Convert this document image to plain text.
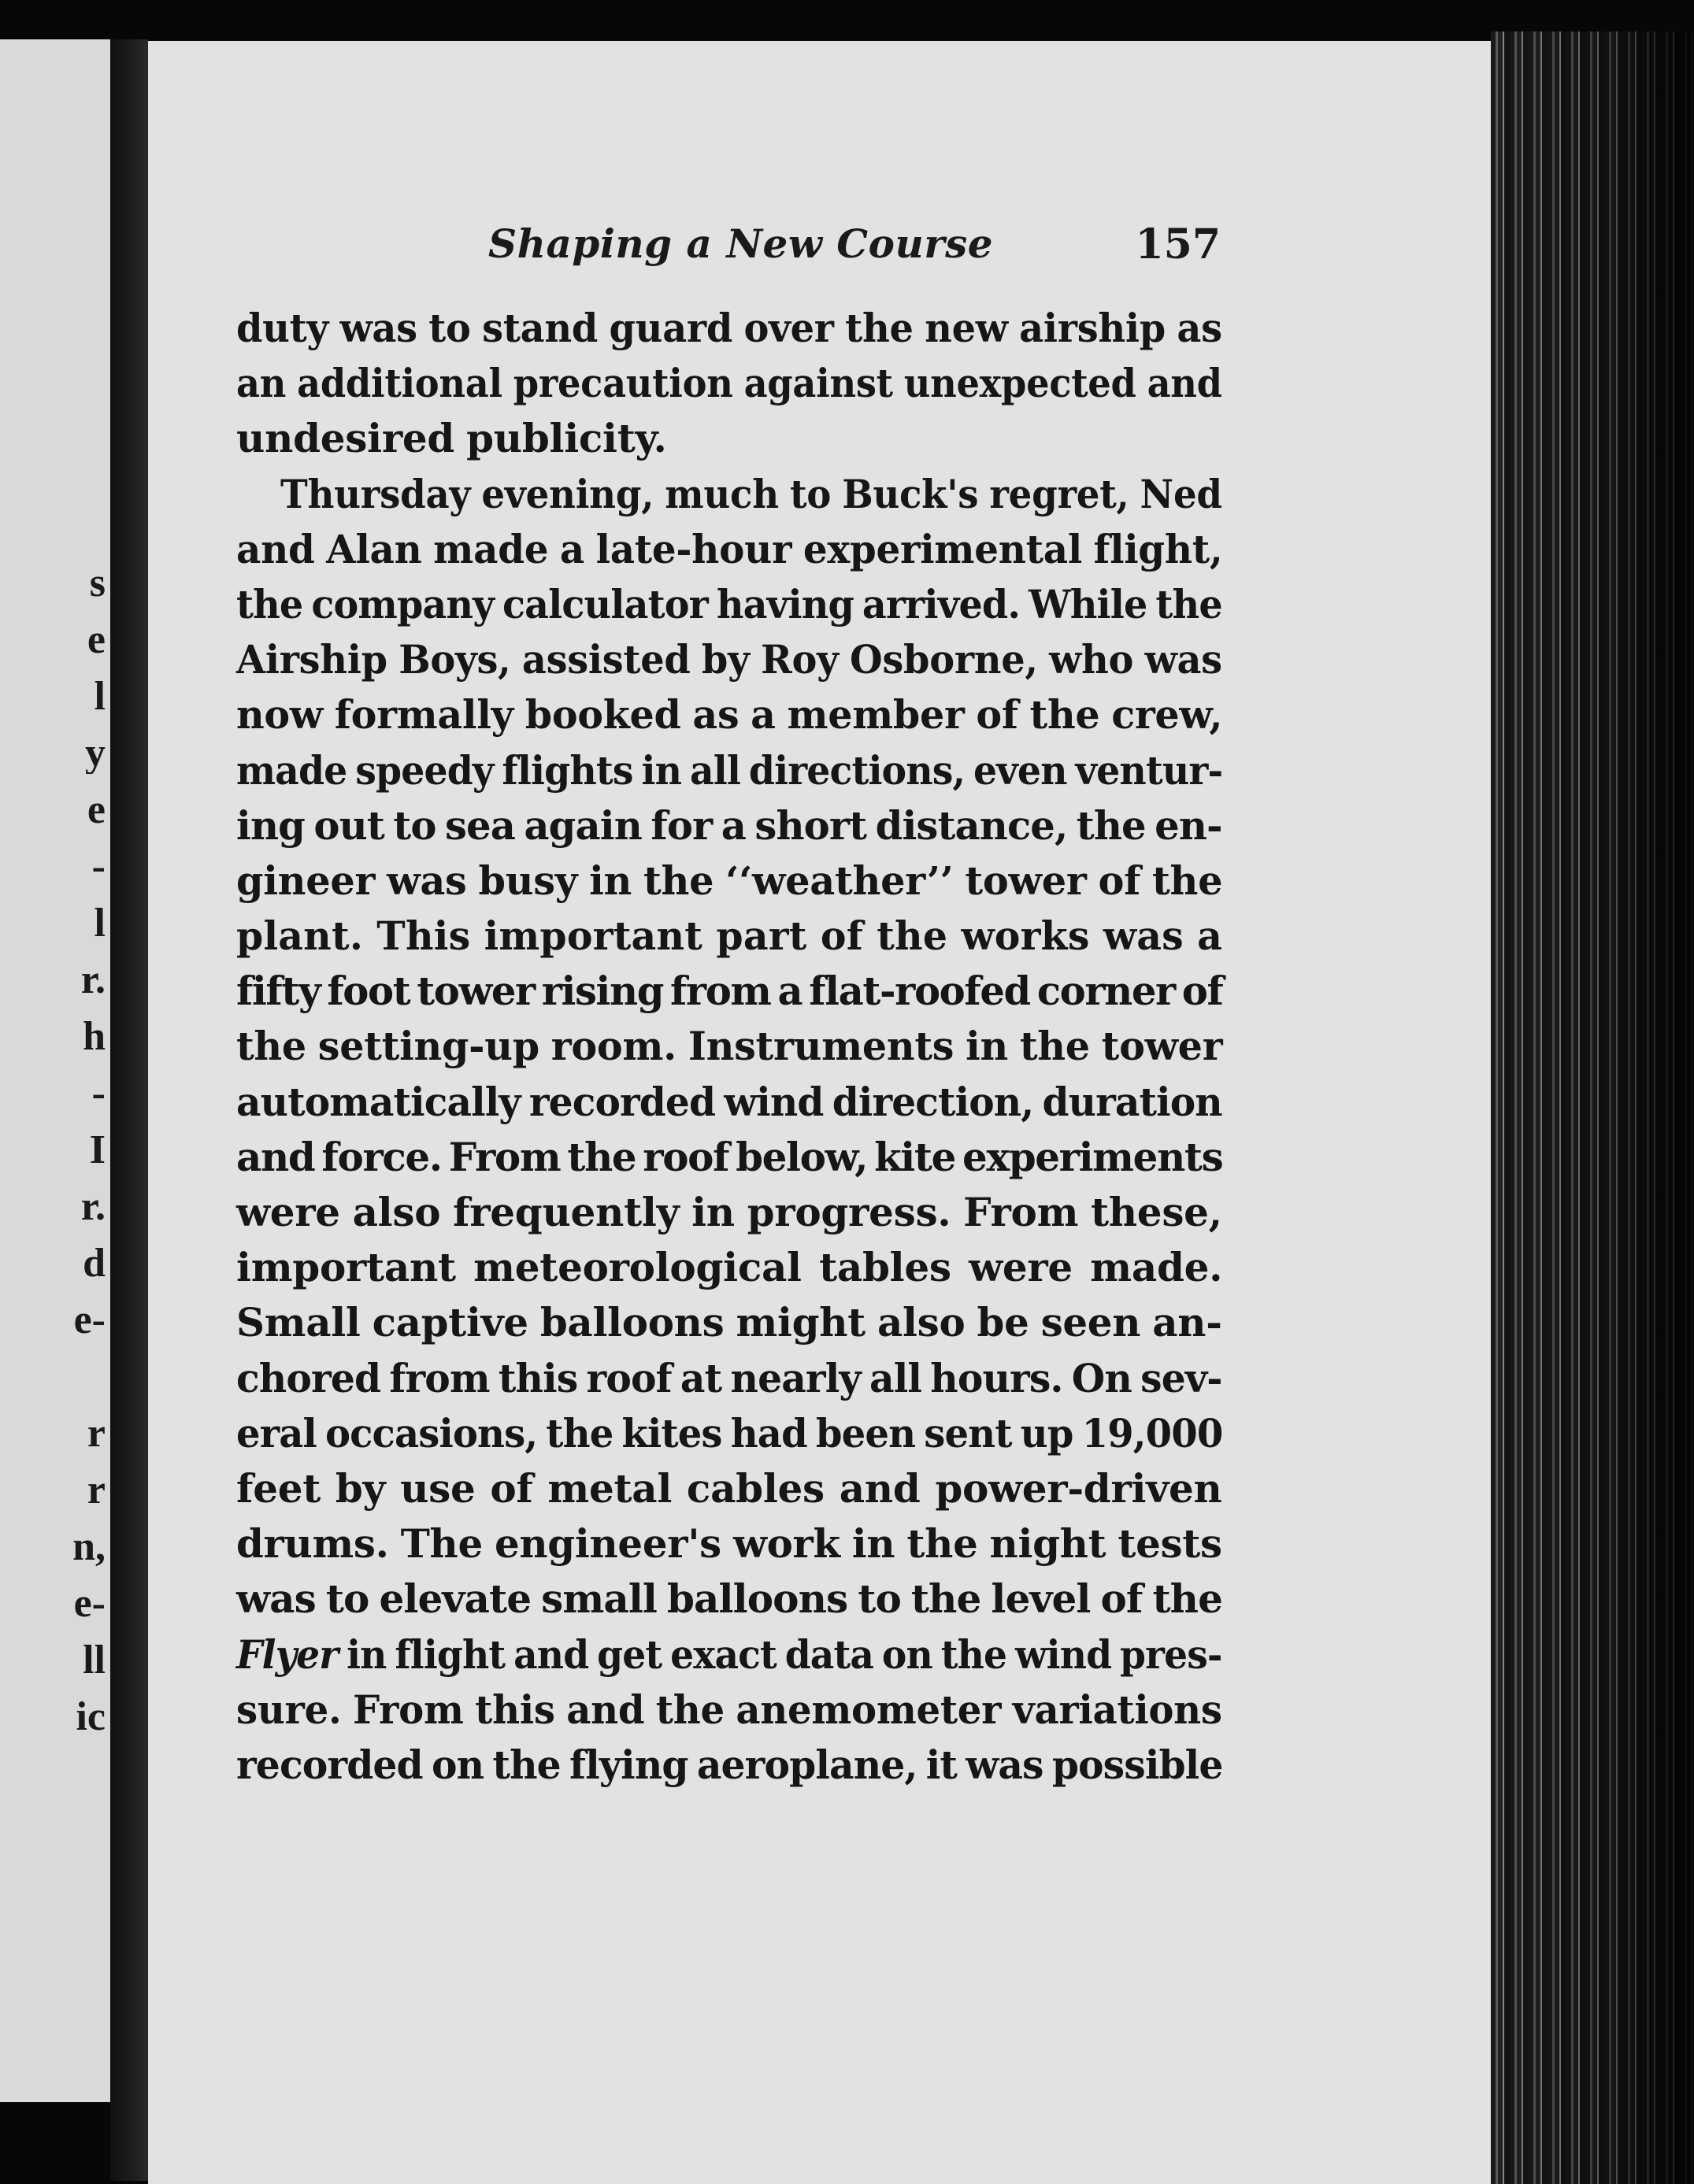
s
e
l
y
e
-
l
r.
h
-
I
r.
d
e-
r
r
n,
e-
ll
ic
Shaping a New Course	157
duty was to stand guard over the new airship as
an additional precaution against unexpected and
undesired publicity.
Thursday evening, much to Buck's regret, Ned
and Alan made a late-hour experimental flight,
the company calculator having arrived. While the
Airship Boys, assisted by Roy Osborne, who was
now formally booked as a member of the crew,
made speedy flights in all directions, even ventur-
ing out to sea again for a short distance, the en-
gineer was busy in the ‘‘weather’’ tower of the
plant. This important part of the works was a
fifty foot tower rising from a flat-roofed corner of
the setting-up room. Instruments in the tower
automatically recorded wind direction, duration
and force. From the roof below, kite experiments
were also frequently in progress. From these,
important meteorological tables were made.
Small captive balloons might also be seen an-
chored from this roof at nearly all hours. On sev-
eral occasions, the kites had been sent up 19,000
feet by use of metal cables and power-driven
drums. The engineer's work in the night tests
was to elevate small balloons to the level of the
Flyer in flight and get exact data on the wind pres-
sure. From this and the anemometer variations
recorded on the flying aeroplane, it was possible
